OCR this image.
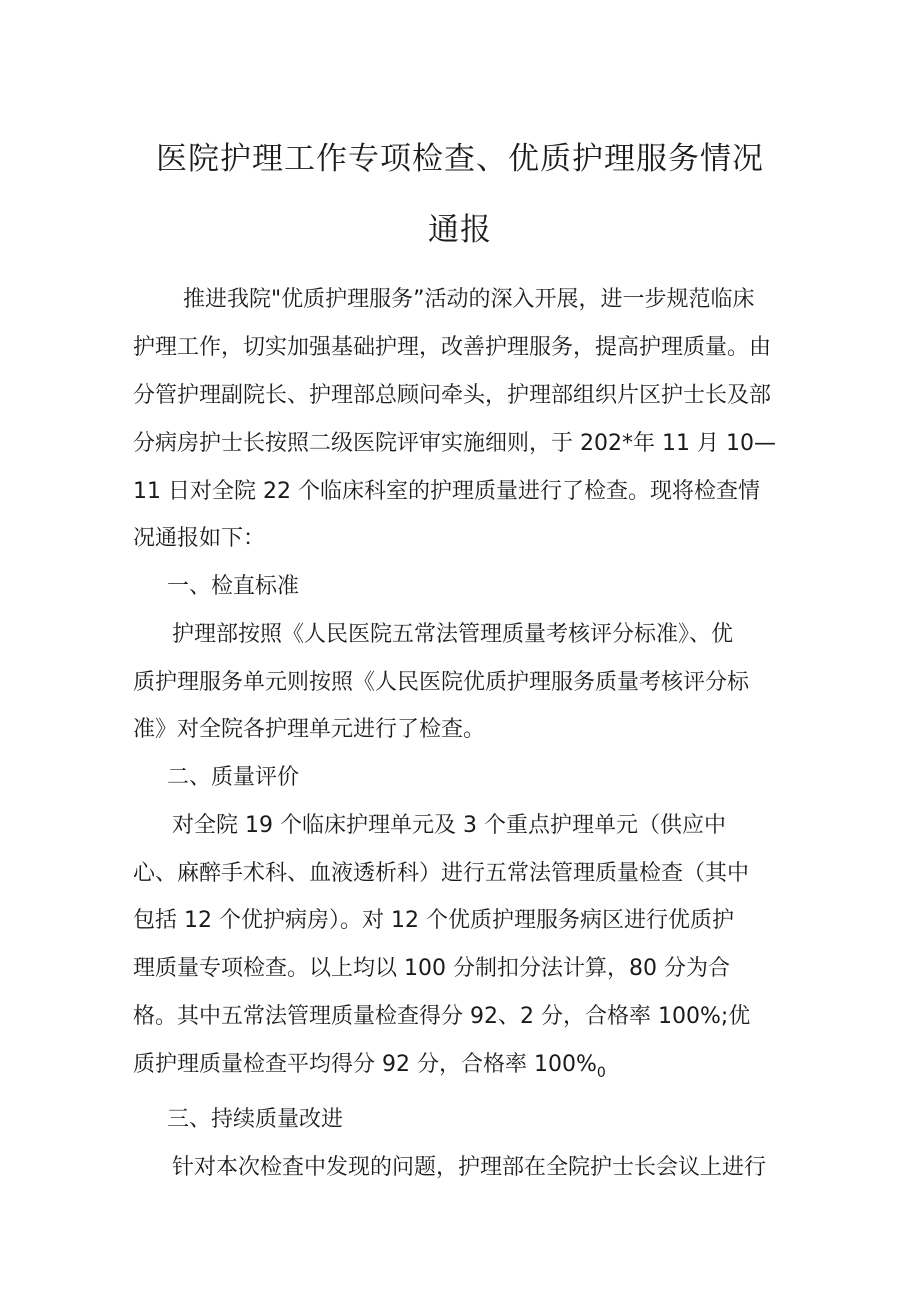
医院护理工作专项检查、优质护理服务情况
通报
推进我院"优质护理服务”活动的深入开展，进一步规范临床
护理工作，切实加强基础护理，改善护理服务，提高护理质量。由
分管护理副院长、护理部总顾问牵头，护理部组织片区护士长及部
分病房护士长按照二级医院评审实施细则，于 202*年 11 月 10—
11 日对全院 22 个临床科室的护理质量进行了检查。现将检查情
况通报如下：
一、检直标准
护理部按照《人民医院五常法管理质量考核评分标准》、优
质护理服务单元则按照《人民医院优质护理服务质量考核评分标
准》对全院各护理单元进行了检查。
二、质量评价
对全院 19 个临床护理单元及 3 个重点护理单元（供应中
心、麻醉手术科、血液透析科）进行五常法管理质量检查（其中
包括 12 个优护病房）。对 12 个优质护理服务病区进行优质护
理质量专项检查。以上均以 100 分制扣分法计算，80 分为合
格。其中五常法管理质量检查得分 92、2 分，合格率 100%;优
质护理质量检查平均得分 92 分，合格率 $100\%_0$
三、持续质量改进
针对本次检査中发现的问题，护理部在全院护士长会议上进行
